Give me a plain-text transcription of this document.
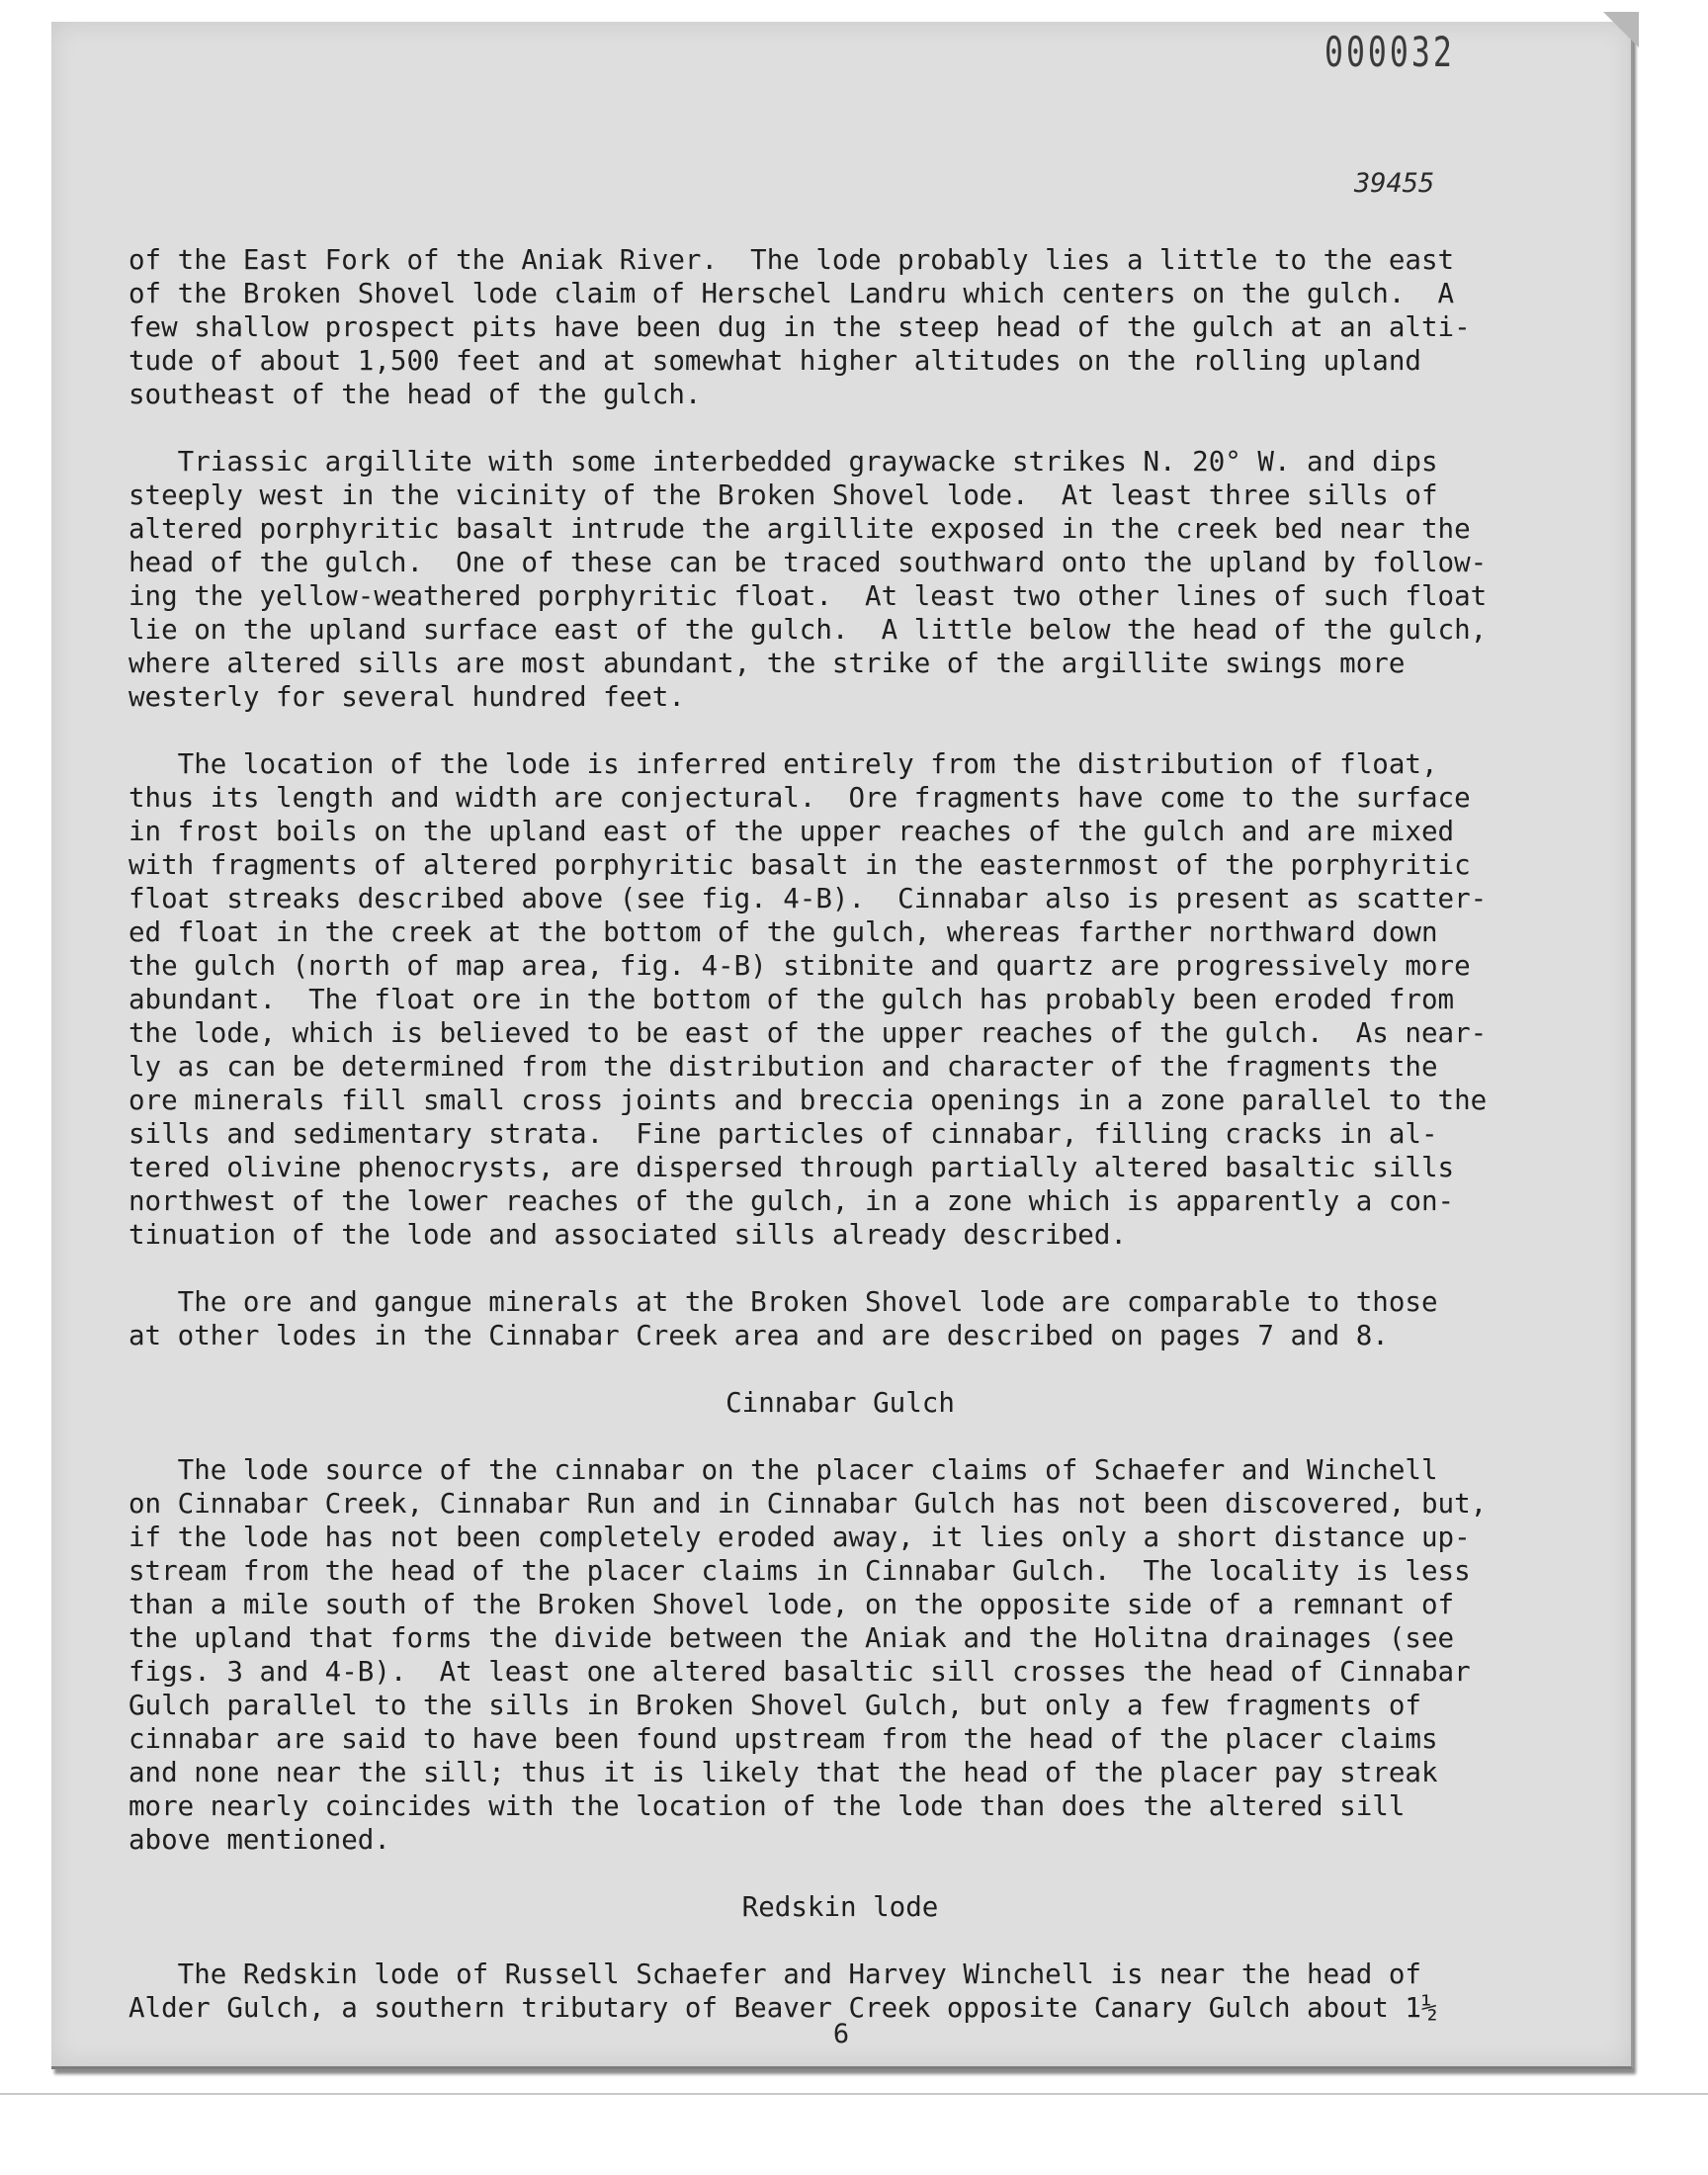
000032
39455
of the East Fork of the Aniak River.  The lode probably lies a little to the east
of the Broken Shovel lode claim of Herschel Landru which centers on the gulch.  A
few shallow prospect pits have been dug in the steep head of the gulch at an alti-
tude of about 1,500 feet and at somewhat higher altitudes on the rolling upland
southeast of the head of the gulch.
Triassic argillite with some interbedded graywacke strikes N. 20° W. and dips
steeply west in the vicinity of the Broken Shovel lode.  At least three sills of
altered porphyritic basalt intrude the argillite exposed in the creek bed near the
head of the gulch.  One of these can be traced southward onto the upland by follow-
ing the yellow-weathered porphyritic float.  At least two other lines of such float
lie on the upland surface east of the gulch.  A little below the head of the gulch,
where altered sills are most abundant, the strike of the argillite swings more
westerly for several hundred feet.
The location of the lode is inferred entirely from the distribution of float,
thus its length and width are conjectural.  Ore fragments have come to the surface
in frost boils on the upland east of the upper reaches of the gulch and are mixed
with fragments of altered porphyritic basalt in the easternmost of the porphyritic
float streaks described above (see fig. 4-B).  Cinnabar also is present as scatter-
ed float in the creek at the bottom of the gulch, whereas farther northward down
the gulch (north of map area, fig. 4-B) stibnite and quartz are progressively more
abundant.  The float ore in the bottom of the gulch has probably been eroded from
the lode, which is believed to be east of the upper reaches of the gulch.  As near-
ly as can be determined from the distribution and character of the fragments the
ore minerals fill small cross joints and breccia openings in a zone parallel to the
sills and sedimentary strata.  Fine particles of cinnabar, filling cracks in al-
tered olivine phenocrysts, are dispersed through partially altered basaltic sills
northwest of the lower reaches of the gulch, in a zone which is apparently a con-
tinuation of the lode and associated sills already described.
The ore and gangue minerals at the Broken Shovel lode are comparable to those
at other lodes in the Cinnabar Creek area and are described on pages 7 and 8.
Cinnabar Gulch
The lode source of the cinnabar on the placer claims of Schaefer and Winchell
on Cinnabar Creek, Cinnabar Run and in Cinnabar Gulch has not been discovered, but,
if the lode has not been completely eroded away, it lies only a short distance up-
stream from the head of the placer claims in Cinnabar Gulch.  The locality is less
than a mile south of the Broken Shovel lode, on the opposite side of a remnant of
the upland that forms the divide between the Aniak and the Holitna drainages (see
figs. 3 and 4-B).  At least one altered basaltic sill crosses the head of Cinnabar
Gulch parallel to the sills in Broken Shovel Gulch, but only a few fragments of
cinnabar are said to have been found upstream from the head of the placer claims
and none near the sill; thus it is likely that the head of the placer pay streak
more nearly coincides with the location of the lode than does the altered sill
above mentioned.
Redskin lode
The Redskin lode of Russell Schaefer and Harvey Winchell is near the head of
Alder Gulch, a southern tributary of Beaver Creek opposite Canary Gulch about 1½
6
